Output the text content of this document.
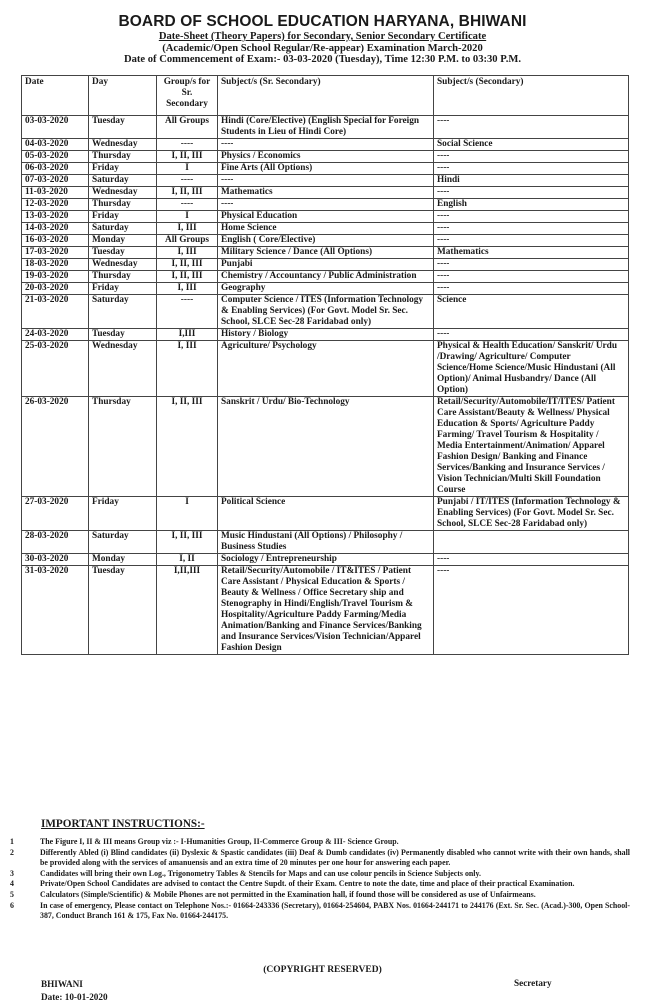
BOARD OF SCHOOL EDUCATION HARYANA, BHIWANI
Date-Sheet (Theory Papers) for Secondary, Senior Secondary Certificate
(Academic/Open School Regular/Re-appear) Examination March-2020
Date of Commencement of Exam:- 03-03-2020 (Tuesday), Time 12:30 P.M. to 03:30 P.M.
Date	Day	Group/s for Sr. Secondary	Subject/s (Sr. Secondary)	Subject/s (Secondary)
03-03-2020	Tuesday	All Groups	Hindi (Core/Elective) (English Special for Foreign Students in Lieu of Hindi Core)	----
04-03-2020	Wednesday	----	----	Social Science
05-03-2020	Thursday	I, II, III	Physics / Economics	----
06-03-2020	Friday	I	Fine Arts (All Options)	----
07-03-2020	Saturday	----	----	Hindi
11-03-2020	Wednesday	I, II, III	Mathematics	----
12-03-2020	Thursday	----	----	English
13-03-2020	Friday	I	Physical Education	----
14-03-2020	Saturday	I, III	Home Science	----
16-03-2020	Monday	All Groups	English ( Core/Elective)	----
17-03-2020	Tuesday	I, III	Military Science / Dance (All Options)	Mathematics
18-03-2020	Wednesday	I, II, III	Punjabi	----
19-03-2020	Thursday	I, II, III	Chemistry / Accountancy / Public Administration	----
20-03-2020	Friday	I, III	Geography	----
21-03-2020	Saturday	----	Computer Science / ITES (Information Technology & Enabling Services) (For Govt. Model Sr. Sec. School, SLCE Sec-28 Faridabad only)	Science
24-03-2020	Tuesday	I,III	History / Biology	----
25-03-2020	Wednesday	I, III	Agriculture/ Psychology	Physical & Health Education/ Sanskrit/ Urdu /Drawing/ Agriculture/ Computer Science/Home Science/Music Hindustani (All Option)/ Animal Husbandry/ Dance (All Option)
26-03-2020	Thursday	I, II, III	Sanskrit / Urdu/ Bio-Technology	Retail/Security/Automobile/IT/ITES/ Patient Care Assistant/Beauty & Wellness/ Physical Education & Sports/ Agriculture Paddy Farming/ Travel Tourism & Hospitality / Media Entertainment/Animation/ Apparel Fashion Design/ Banking and Finance Services/Banking and Insurance Services / Vision Technician/Multi Skill Foundation Course
27-03-2020	Friday	I	Political Science	Punjabi / IT/ITES (Information Technology & Enabling Services) (For Govt. Model Sr. Sec. School, SLCE Sec-28 Faridabad only)
28-03-2020	Saturday	I, II, III	Music Hindustani (All Options) / Philosophy / Business Studies	
30-03-2020	Monday	I, II	Sociology / Entrepreneurship	----
31-03-2020	Tuesday	I,II,III	Retail/Security/Automobile / IT&ITES / Patient Care Assistant / Physical Education & Sports / Beauty & Wellness / Office Secretary ship and Stenography in Hindi/English/Travel Tourism & Hospitality/Agriculture Paddy Farming/Media Animation/Banking and Finance Services/Banking and Insurance Services/Vision Technician/Apparel Fashion Design	----
IMPORTANT INSTRUCTIONS:-
1	The Figure I, II & III means Group viz :- I-Humanities Group, II-Commerce Group & III- Science Group.
2	Differently Abled (i) Blind candidates (ii) Dyslexic & Spastic candidates (iii) Deaf & Dumb candidates (iv) Permanently disabled who cannot write with their own hands, shall be provided along with the services of amanuensis and an extra time of 20 minutes per one hour for answering each paper.
3	Candidates will bring their own Log., Trigonometry Tables & Stencils for Maps and can use colour pencils in Science Subjects only.
4	Private/Open School Candidates are advised to contact the Centre Supdt. of their Exam. Centre to note the date, time and place of their practical Examination.
5	Calculators (Simple/Scientific) & Mobile Phones are not permitted in the Examination hall, if found those will be considered as use of Unfairmeans.
6	In case of emergency, Please contact on Telephone Nos.:- 01664-243336 (Secretary), 01664-254604, PABX Nos. 01664-244171 to 244176 (Ext. Sr. Sec. (Acad.)-300, Open School-387, Conduct Branch 161 & 175, Fax No. 01664-244175.
(COPYRIGHT RESERVED)
BHIWANI
Date: 10-01-2020
Secretary
